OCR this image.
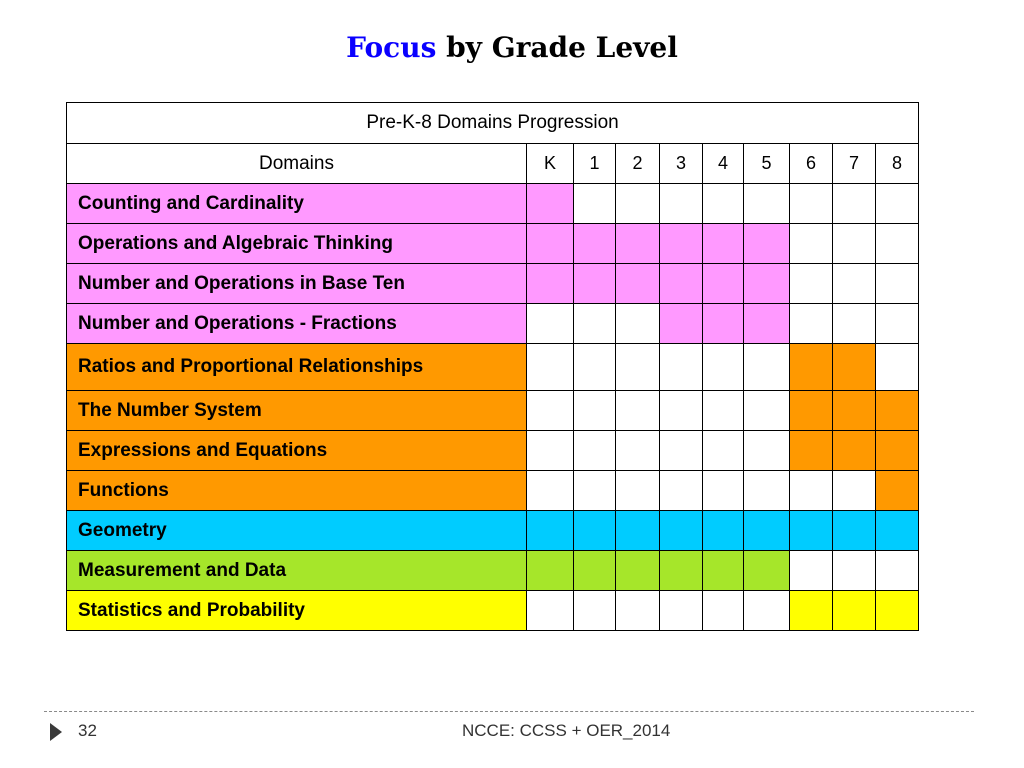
Focus by Grade Level
Pre-K-8 Domains Progression									
Domains	K	1	2	3	4	5	6	7	8
Counting and Cardinality									
Operations and Algebraic Thinking									
Number and Operations in Base Ten									
Number and Operations - Fractions									
Ratios and Proportional Relationships									
The Number System									
Expressions and Equations									
Functions									
Geometry									
Measurement and Data									
Statistics and Probability									
32	NCCE: CCSS + OER_2014
